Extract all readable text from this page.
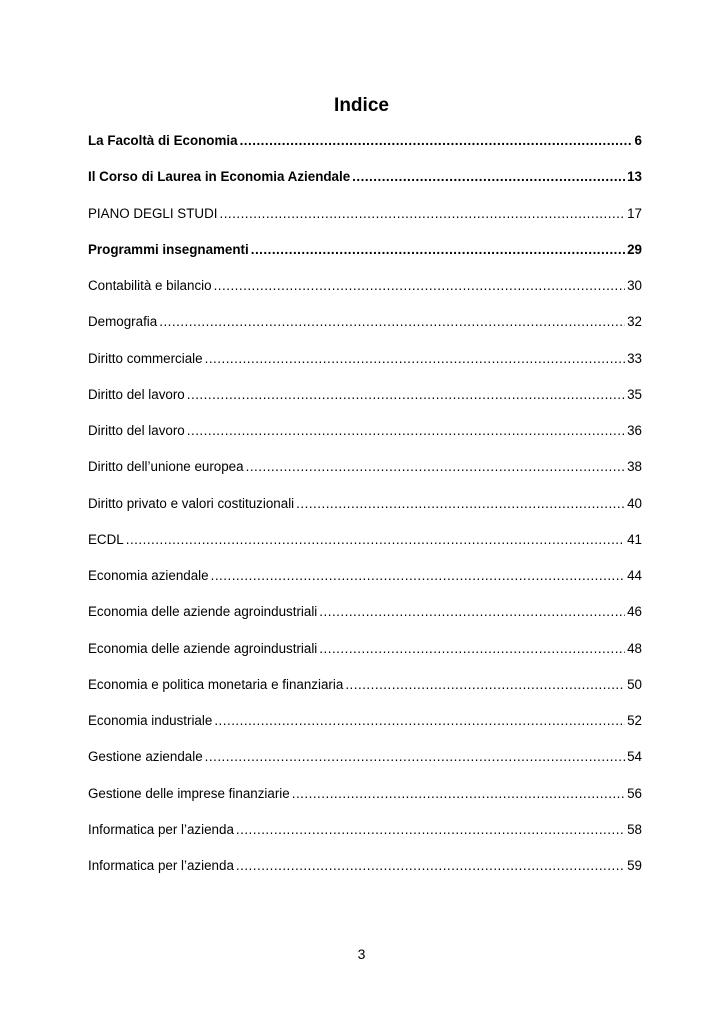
Indice
La Facoltà di Economia .....	6
Il Corso di Laurea in Economia Aziendale .....	13
PIANO DEGLI STUDI .....	17
Programmi insegnamenti .....	29
Contabilità e bilancio .....	30
Demografia .....	32
Diritto commerciale .....	33
Diritto del lavoro .....	35
Diritto del lavoro .....	36
Diritto dell’unione europea .....	38
Diritto privato e valori costituzionali .....	40
ECDL .....	41
Economia aziendale .....	44
Economia delle aziende agroindustriali .....	46
Economia delle aziende agroindustriali .....	48
Economia e politica monetaria e finanziaria .....	50
Economia industriale .....	52
Gestione aziendale .....	54
Gestione delle imprese finanziarie .....	56
Informatica per l’azienda .....	58
Informatica per l’azienda .....	59
3
